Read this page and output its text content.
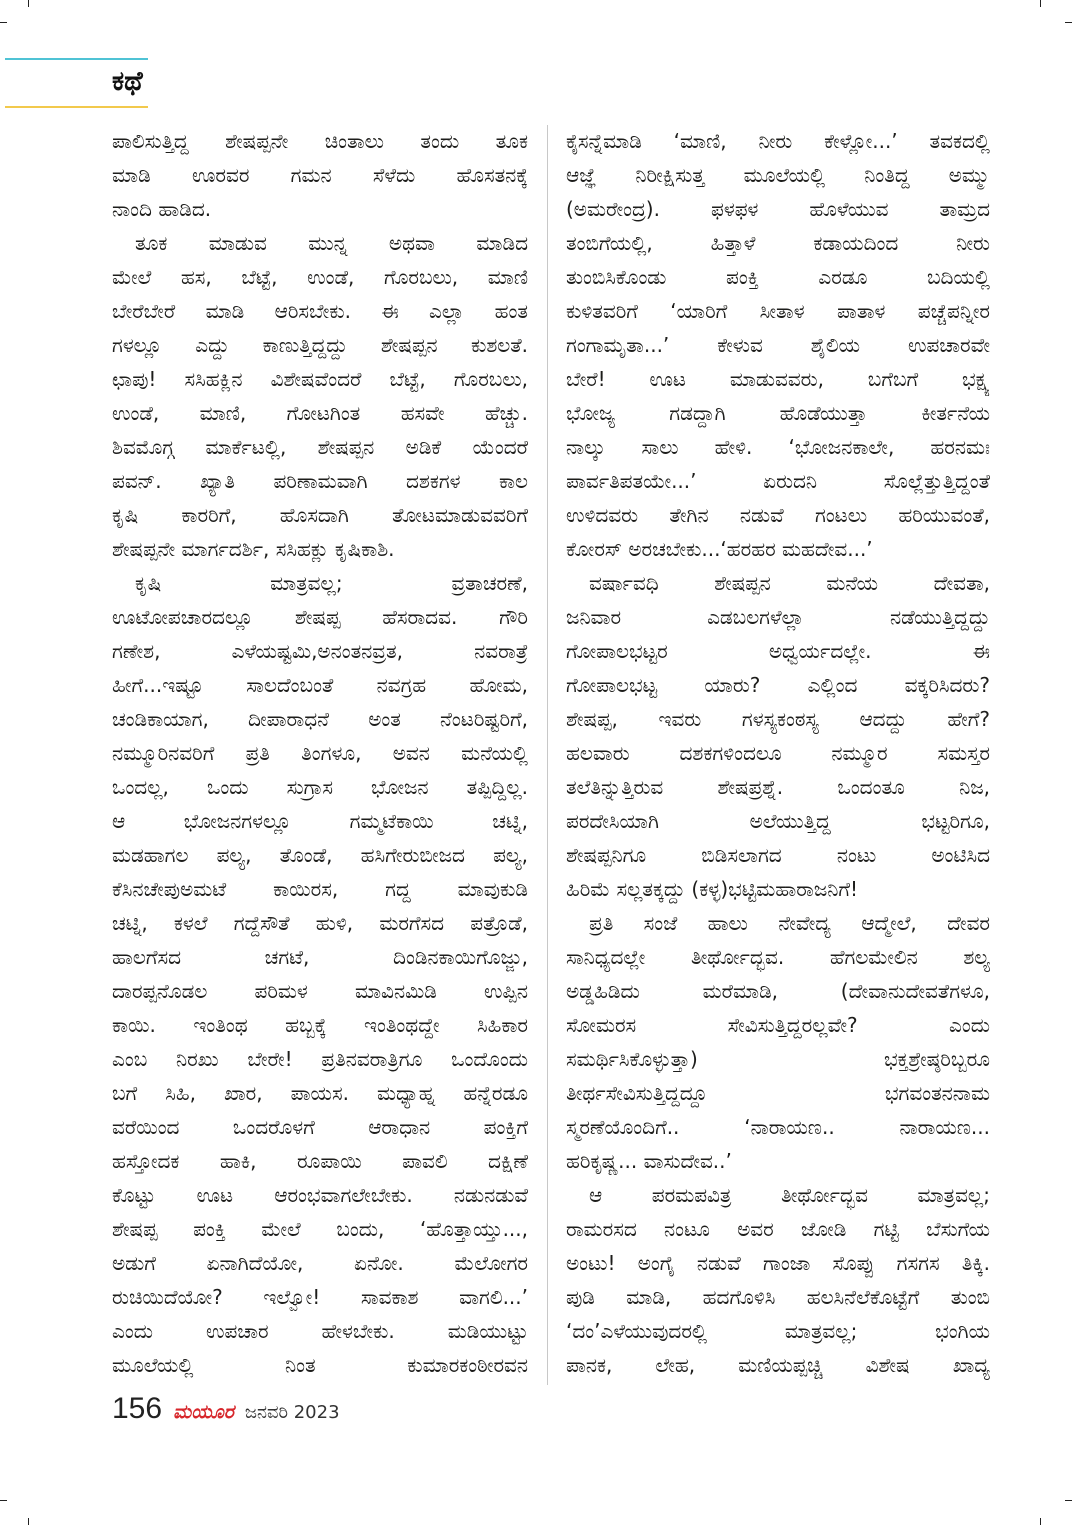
ಕಥೆ
ಪಾಲಿಸುತ್ತಿದ್ದ ಶೇಷಪ್ಪನೇ ಚಿಂತಾಲು ತಂದು ತೂಕ
ಮಾಡಿ ಊರವರ ಗಮನ ಸೆಳೆದು ಹೊಸತನಕ್ಕೆ
ನಾಂದಿ ಹಾಡಿದ.
ತೂಕ ಮಾಡುವ ಮುನ್ನ ಅಥವಾ ಮಾಡಿದ
ಮೇಲೆ ಹಸ, ಬೆಟ್ಟೆ, ಉಂಡೆ, ಗೊರಬಲು, ಮಾಣಿ
ಬೇರೆಬೇರೆ ಮಾಡಿ ಆರಿಸಬೇಕು. ಈ ಎಲ್ಲಾ ಹಂತ
ಗಳಲ್ಲೂ ಎದ್ದು ಕಾಣುತ್ತಿದ್ದದ್ದು ಶೇಷಪ್ಪನ ಕುಶಲತೆ.
ಛಾಪು! ಸಸಿಹಕ್ಲಿನ ವಿಶೇಷವೆಂದರೆ ಬೆಟ್ಟೆ, ಗೊರಬಲು,
ಉಂಡೆ, ಮಾಣಿ, ಗೋಟಗಿಂತ ಹಸವೇ ಹೆಚ್ಚು.
ಶಿವಮೊಗ್ಗ ಮಾರ್ಕೆಟಲ್ಲಿ, ಶೇಷಪ್ಪನ ಅಡಿಕೆ ಯೆಂದರೆ
ಪವನ್. ಖ್ಯಾತಿ ಪರಿಣಾಮವಾಗಿ ದಶಕಗಳ ಕಾಲ
ಕೃಷಿ ಕಾರರಿಗೆ, ಹೊಸದಾಗಿ ತೋಟಮಾಡುವವರಿಗೆ
ಶೇಷಪ್ಪನೇ ಮಾರ್ಗದರ್ಶಿ, ಸಸಿಹಕ್ಲು ಕೃಷಿಕಾಶಿ.
ಕೃಷಿ ಮಾತ್ರವಲ್ಲ; ವ್ರತಾಚರಣೆ,
ಊಟೋಪಚಾರದಲ್ಲೂ ಶೇಷಪ್ಪ ಹೆಸರಾದವ. ಗೌರಿ
ಗಣೇಶ, ಎಳೆಯಷ್ಟಮಿ,ಅನಂತನವ್ರತ, ನವರಾತ್ರೆ
ಹೀಗೆ...ಇಷ್ಟೂ ಸಾಲದೆಂಬಂತೆ ನವಗ್ರಹ ಹೋಮ,
ಚಂಡಿಕಾಯಾಗ, ದೀಪಾರಾಧನೆ ಅಂತ ನೆಂಟರಿಷ್ಟರಿಗೆ,
ನಮ್ಮೂರಿನವರಿಗೆ ಪ್ರತಿ ತಿಂಗಳೂ, ಅವನ ಮನೆಯಲ್ಲಿ
ಒಂದಲ್ಲ, ಒಂದು ಸುಗ್ರಾಸ ಭೋಜನ ತಪ್ಪಿದ್ದಿಲ್ಲ.
ಆ ಭೋಜನಗಳಲ್ಲೂ ಗಮ್ಮಟೆಕಾಯಿ ಚಟ್ನಿ,
ಮಡಹಾಗಲ ಪಲ್ಯ, ತೊಂಡೆ, ಹಸಿಗೇರುಬೀಜದ ಪಲ್ಯ,
ಕೆಸಿನಚೇಪುಅಮಟೆ ಕಾಯಿರಸ, ಗದ್ದ ಮಾವುಕುಡಿ
ಚಟ್ನಿ, ಕಳಲೆ ಗದ್ದೆಸೌತೆ ಹುಳಿ, ಮರಗೆಸದ ಪತ್ರೊಡೆ,
ಹಾಲಗೆಸದ ಚಗಟೆ, ದಿಂಡಿನಕಾಯಿಗೊಜ್ಜು,
ದಾರಪ್ಪನೊಡಲ ಪರಿಮಳ ಮಾವಿನಮಿಡಿ ಉಪ್ಪಿನ
ಕಾಯಿ. ಇಂತಿಂಥ ಹಬ್ಬಕ್ಕೆ ಇಂತಿಂಥದ್ದೇ ಸಿಹಿಕಾರ
ಎಂಬ ನಿರಖು ಬೇರೇ! ಪ್ರತಿನವರಾತ್ರಿಗೂ ಒಂದೊಂದು
ಬಗೆ ಸಿಹಿ, ಖಾರ, ಪಾಯಸ. ಮಧ್ಯಾಹ್ನ ಹನ್ನೆರಡೂ
ವರೆಯಿಂದ ಒಂದರೊಳಗೆ ಆರಾಧಾನ ಪಂಕ್ತಿಗೆ
ಹಸ್ತೋದಕ ಹಾಕಿ, ರೂಪಾಯಿ ಪಾವಲಿ ದಕ್ಷಿಣೆ
ಕೊಟ್ಟು ಊಟ ಆರಂಭವಾಗಲೇಬೇಕು. ನಡುನಡುವೆ
ಶೇಷಪ್ಪ ಪಂಕ್ತಿ ಮೇಲೆ ಬಂದು, ‘ಹೊತ್ತಾಯ್ತು...,
ಅಡುಗೆ ಏನಾಗಿದೆಯೋ, ಏನೋ. ಮೆಲೋಗರ
ರುಚಿಯಿದೆಯೋ? ಇಲ್ವೋ! ಸಾವಕಾಶ ವಾಗಲಿ...’
ಎಂದು ಉಪಚಾರ ಹೇಳಬೇಕು. ಮಡಿಯುಟ್ಟು
ಮೂಲೆಯಲ್ಲಿ ನಿಂತ ಕುಮಾರಕಂಠೀರವನ
ಕೈಸನ್ನೆಮಾಡಿ ‘ಮಾಣಿ, ನೀರು ಕೇಳ್ಲೋ...’ ತವಕದಲ್ಲಿ
ಆಜ್ಞೆ ನಿರೀಕ್ಷಿಸುತ್ತ ಮೂಲೆಯಲ್ಲಿ ನಿಂತಿದ್ದ ಅಮ್ಮು
(ಅಮರೇಂದ್ರ). ಫಳಫಳ ಹೊಳೆಯುವ ತಾಮ್ರದ
ತಂಬಿಗೆಯಲ್ಲಿ, ಹಿತ್ತಾಳೆ ಕಡಾಯದಿಂದ ನೀರು
ತುಂಬಿಸಿಕೊಂಡು ಪಂಕ್ತಿ ಎರಡೂ ಬದಿಯಲ್ಲಿ
ಕುಳಿತವರಿಗೆ ‘ಯಾರಿಗೆ ಸೀತಾಳ ಪಾತಾಳ ಪಚ್ಚೆಪನ್ನೀರ
ಗಂಗಾಮೃತಾ...’ ಕೇಳುವ ಶೈಲಿಯ ಉಪಚಾರವೇ
ಬೇರೆ! ಊಟ ಮಾಡುವವರು, ಬಗೆಬಗೆ ಭಕ್ಷ್ಯ
ಭೋಜ್ಯ ಗಡದ್ದಾಗಿ ಹೊಡೆಯುತ್ತಾ ಕೀರ್ತನೆಯ
ನಾಲ್ಕು ಸಾಲು ಹೇಳಿ. ‘ಭೋಜನಕಾಲೇ, ಹರನಮಃ
ಪಾರ್ವತಿಪತಯೇ...’ ಏರುದನಿ ಸೊಲ್ಲೆತ್ತುತ್ತಿದ್ದಂತೆ
ಉಳಿದವರು ತೇಗಿನ ನಡುವೆ ಗಂಟಲು ಹರಿಯುವಂತೆ,
ಕೋರಸ್ ಅರಚಬೇಕು...‘ಹರಹರ ಮಹದೇವ...’
ವರ್ಷಾವಧಿ ಶೇಷಪ್ಪನ ಮನೆಯ ದೇವತಾ,
ಜನಿವಾರ ಎಡಬಲಗಳೆಲ್ಲಾ ನಡೆಯುತ್ತಿದ್ದದ್ದು
ಗೋಪಾಲಭಟ್ಟರ ಅಧ್ವರ್ಯದಲ್ಲೇ. ಈ
ಗೋಪಾಲಭಟ್ಟ ಯಾರು? ಎಲ್ಲಿಂದ ವಕ್ಕರಿಸಿದರು?
ಶೇಷಪ್ಪ, ಇವರು ಗಳಸ್ಯಕಂಠಸ್ಯ ಆದದ್ದು ಹೇಗೆ?
ಹಲವಾರು ದಶಕಗಳಿಂದಲೂ ನಮ್ಮೂರ ಸಮಸ್ತರ
ತಲೆತಿನ್ನುತ್ತಿರುವ ಶೇಷಪ್ರಶ್ನೆ. ಒಂದಂತೂ ನಿಜ,
ಪರದೇಸಿಯಾಗಿ ಅಲೆಯುತ್ತಿದ್ದ ಭಟ್ಟರಿಗೂ,
ಶೇಷಪ್ಪನಿಗೂ ಬಿಡಿಸಲಾಗದ ನಂಟು ಅಂಟಿಸಿದ
ಹಿರಿಮೆ ಸಲ್ಲತಕ್ಕದ್ದು (ಕಳ್ಳ)ಭಟ್ಟಿಮಹಾರಾಜನಿಗೆ!
ಪ್ರತಿ ಸಂಜೆ ಹಾಲು ನೇವೇದ್ಯ ಆದ್ಮೇಲೆ, ದೇವರ
ಸಾನಿಧ್ಯದಲ್ಲೇ ತೀರ್ಥೋದ್ಭವ. ಹೆಗಲಮೇಲಿನ ಶಲ್ಯ
ಅಡ್ಡಹಿಡಿದು ಮರೆಮಾಡಿ, (ದೇವಾನುದೇವತೆಗಳೂ,
ಸೋಮರಸ ಸೇವಿಸುತ್ತಿದ್ದರಲ್ಲವೇ? ಎಂದು
ಸಮರ್ಥಿಸಿಕೊಳ್ಳುತ್ತಾ) ಭಕ್ತಶ್ರೇಷ್ಠರಿಬ್ಬರೂ
ತೀರ್ಥಸೇವಿಸುತ್ತಿದ್ದದ್ದೂ ಭಗವಂತನನಾಮ
ಸ್ಮರಣೆಯೊಂದಿಗೆ.. ‘ನಾರಾಯಣ.. ನಾರಾಯಣ...
ಹರಿಕೃಷ್ಣ... ವಾಸುದೇವ..’
ಆ ಪರಮಪವಿತ್ರ ತೀರ್ಥೋದ್ಭವ ಮಾತ್ರವಲ್ಲ;
ರಾಮರಸದ ನಂಟೂ ಅವರ ಜೋಡಿ ಗಟ್ಟಿ ಬೆಸುಗೆಯ
ಅಂಟು! ಅಂಗೈ ನಡುವೆ ಗಾಂಜಾ ಸೊಪ್ಪು ಗಸಗಸ ತಿಕ್ಕಿ.
ಪುಡಿ ಮಾಡಿ, ಹದಗೊಳಿಸಿ ಹಲಸಿನೆಲೆಕೊಟ್ಟೆಗೆ ತುಂಬಿ
‘ದಂ’ಎಳೆಯುವುದರಲ್ಲಿ ಮಾತ್ರವಲ್ಲ; ಭಂಗಿಯ
ಪಾನಕ, ಲೇಹ, ಮಣಿಯಪ್ಪಚ್ಚಿ ವಿಶೇಷ ಖಾದ್ಯ
156 ಮಯೂರ ಜನವರಿ 2023
